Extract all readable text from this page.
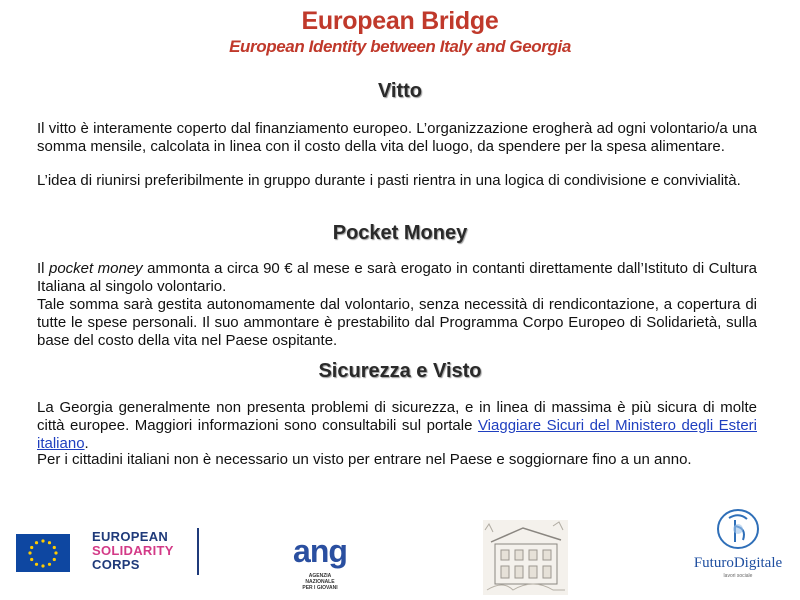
European Bridge
European Identity between Italy and Georgia
Vitto
Il vitto è interamente coperto dal finanziamento europeo. L’organizzazione erogherà ad ogni volontario/a una somma mensile, calcolata in linea con il costo della vita del luogo, da spendere per la spesa alimentare.
L’idea di riunirsi preferibilmente in gruppo durante i pasti rientra in una logica di condivisione e convivialità.
Pocket Money
Il pocket money ammonta a circa 90 € al mese e sarà erogato in contanti direttamente dall’Istituto di Cultura Italiana al singolo volontario.
Tale somma sarà gestita autonomamente dal volontario, senza necessità di rendicontazione, a copertura di tutte le spese personali. Il suo ammontare è prestabilito dal Programma Corpo Europeo di Solidarietà, sulla base del costo della vita nel Paese ospitante.
Sicurezza e Visto
La Georgia generalmente non presenta problemi di sicurezza, e in linea di massima è più sicura di molte città europee. Maggiori informazioni sono consultabili sul portale Viaggiare Sicuri del Ministero degli Esteri italiano.
Per i cittadini italiani non è necessario un visto per entrare nel Paese e soggiornare fino a un anno.
EUROPEAN
SOLIDARITY
CORPS	ang
AGENZIA
NAZIONALE
PER I GIOVANI
FuturoDigitale
lavori sociale
